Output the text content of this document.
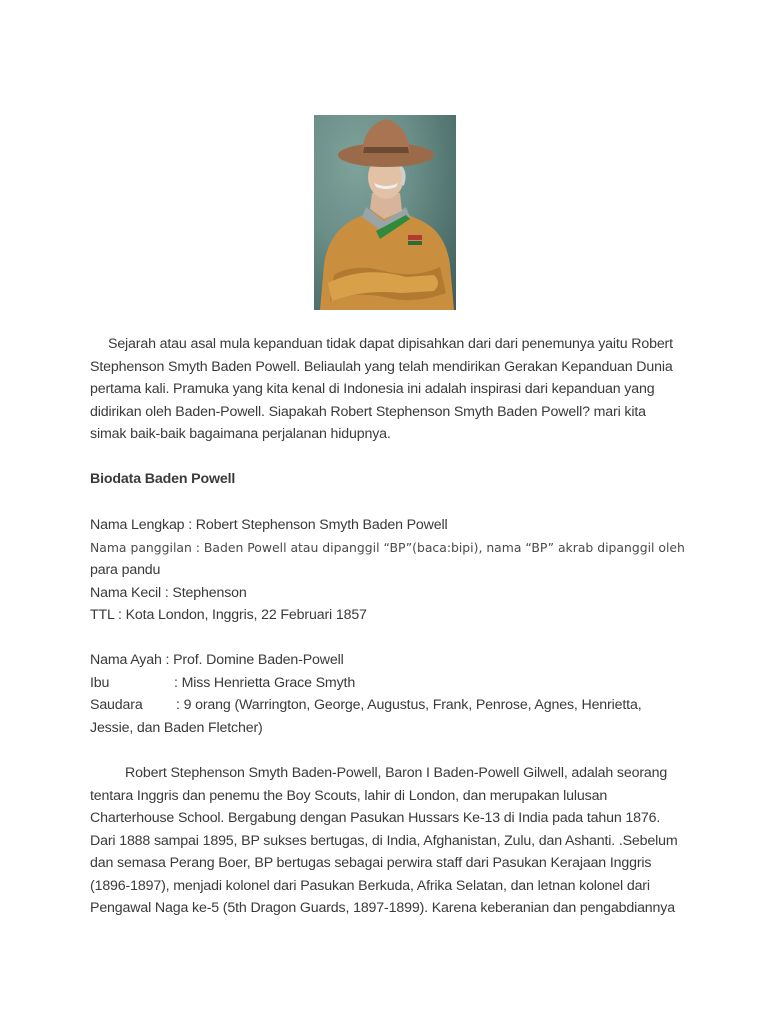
Sejarah atau asal mula kepanduan tidak dapat dipisahkan dari dari penemunya yaitu Robert

Stephenson Smyth Baden Powell. Beliaulah yang telah mendirikan Gerakan Kepanduan Dunia

pertama kali. Pramuka yang kita kenal di Indonesia ini adalah inspirasi dari kepanduan yang

didirikan oleh Baden-Powell. Siapakah Robert Stephenson Smyth Baden Powell? mari kita

simak baik-baik bagaimana perjalanan hidupnya.

Biodata Baden Powell

Nama Lengkap : Robert Stephenson Smyth Baden Powell

Nama panggilan : Baden Powell atau dipanggil “BP”(baca:bipi), nama “BP” akrab dipanggil oleh

para pandu

Nama Kecil : Stephenson

TTL : Kota London, Inggris, 22 Februari 1857

Nama Ayah : Prof. Domine Baden-Powell

Ibu	: Miss Henrietta Grace Smyth

Saudara : 9 orang (Warrington, George, Augustus, Frank, Penrose, Agnes, Henrietta,

Jessie, dan Baden Fletcher)

Robert Stephenson Smyth Baden-Powell, Baron I Baden-Powell Gilwell, adalah seorang

tentara Inggris dan penemu the Boy Scouts, lahir di London, dan merupakan lulusan

Charterhouse School. Bergabung dengan Pasukan Hussars Ke-13 di India pada tahun 1876.

Dari 1888 sampai 1895, BP sukses bertugas, di India, Afghanistan, Zulu, dan Ashanti. .Sebelum

dan semasa Perang Boer, BP bertugas sebagai perwira staff dari Pasukan Kerajaan Inggris

(1896-1897), menjadi kolonel dari Pasukan Berkuda, Afrika Selatan, dan letnan kolonel dari

Pengawal Naga ke-5 (5th Dragon Guards, 1897-1899). Karena keberanian dan pengabdiannya
